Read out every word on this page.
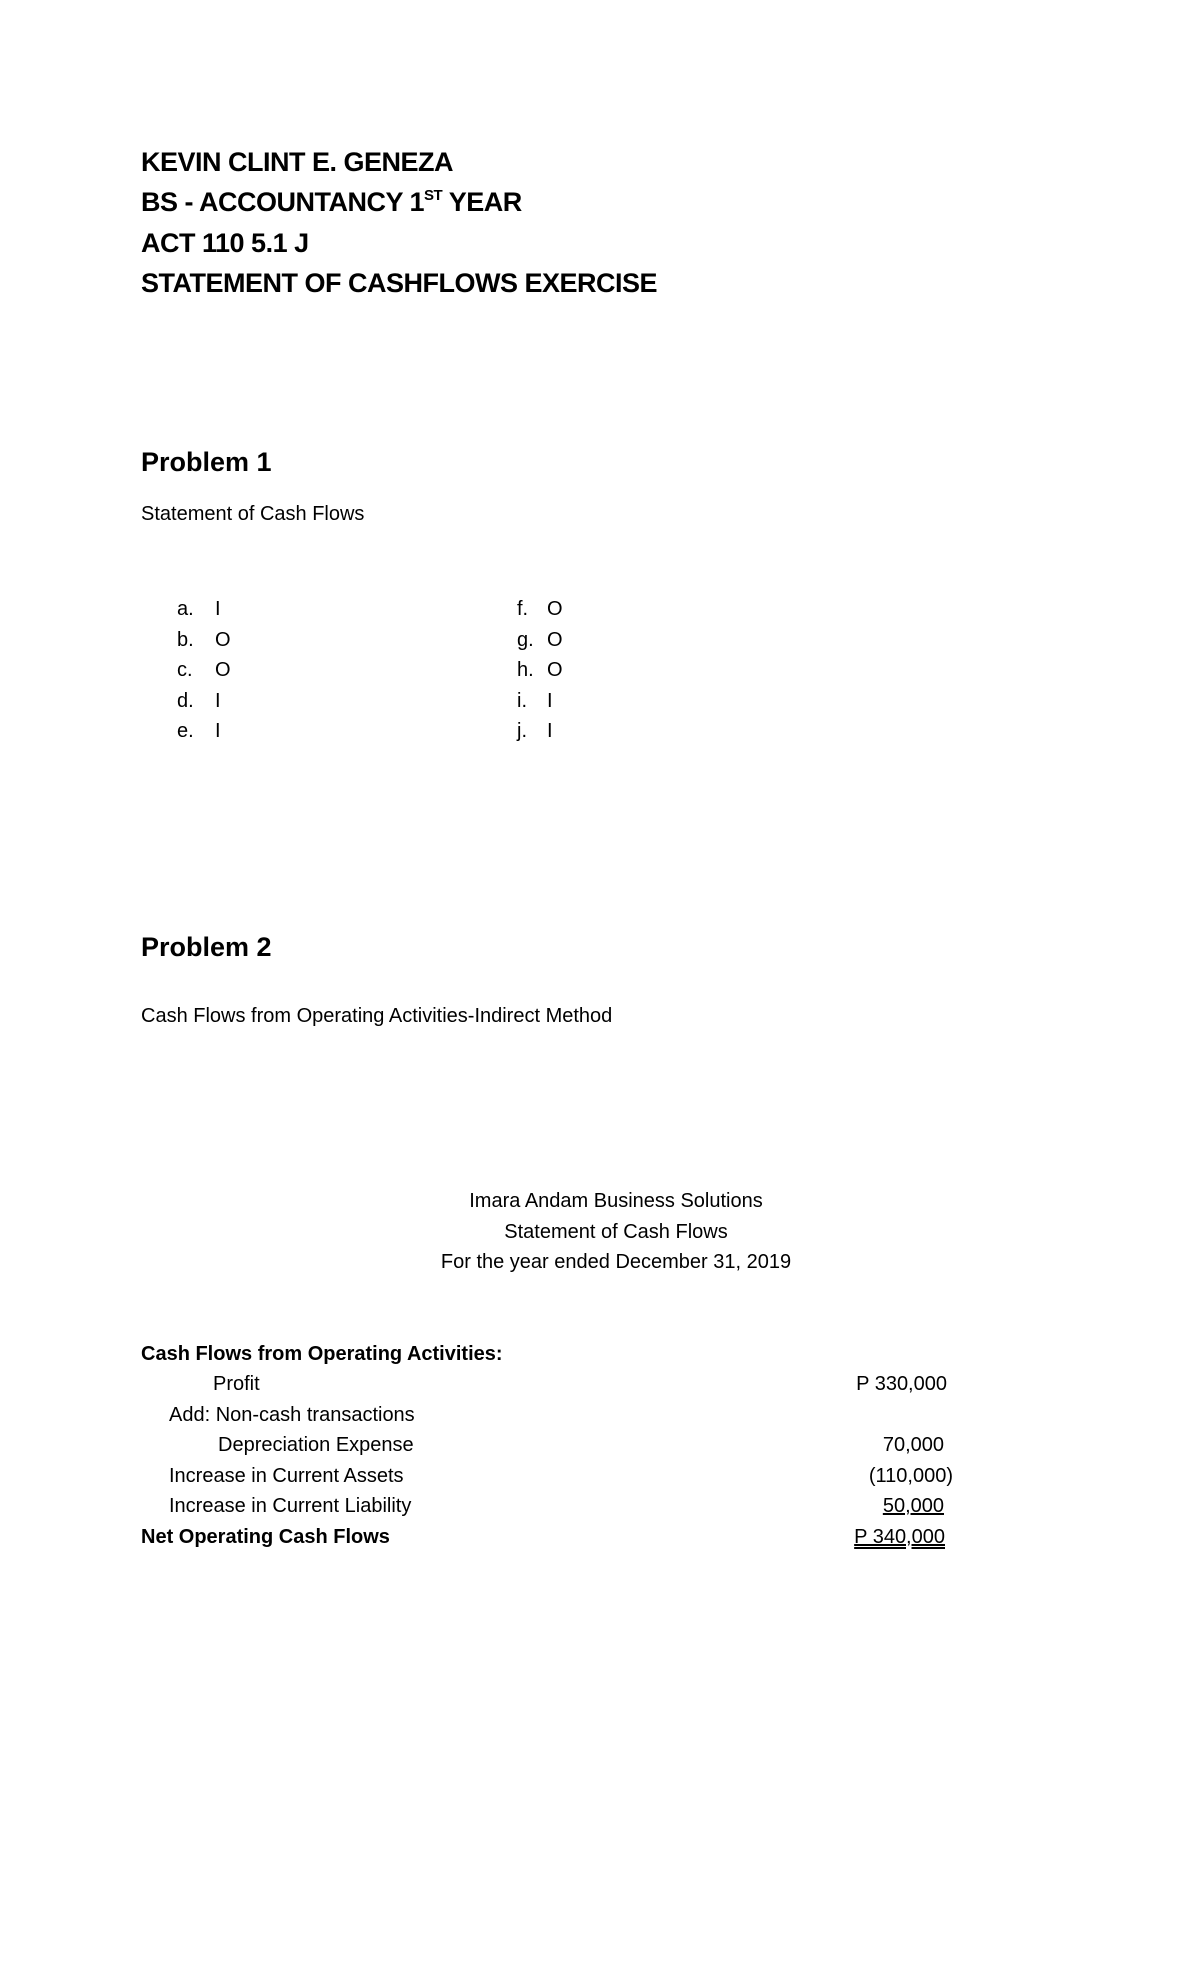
KEVIN CLINT E. GENEZA
BS - ACCOUNTANCY 1ST YEAR
ACT 110 5.1 J
STATEMENT OF CASHFLOWS EXERCISE
Problem 1
Statement of Cash Flows
a. I
b. O
c. O
d. I
e. I
f. O
g. O
h. O
i. I
j. I
Problem 2
Cash Flows from Operating Activities-Indirect Method
Imara Andam Business Solutions
Statement of Cash Flows
For the year ended December 31, 2019
Cash Flows from Operating Activities:
Profit	P 330,000
Add: Non-cash transactions
Depreciation Expense	70,000
Increase in Current Assets	(110,000)
Increase in Current Liability	50,000
Net Operating Cash Flows	P 340,000
